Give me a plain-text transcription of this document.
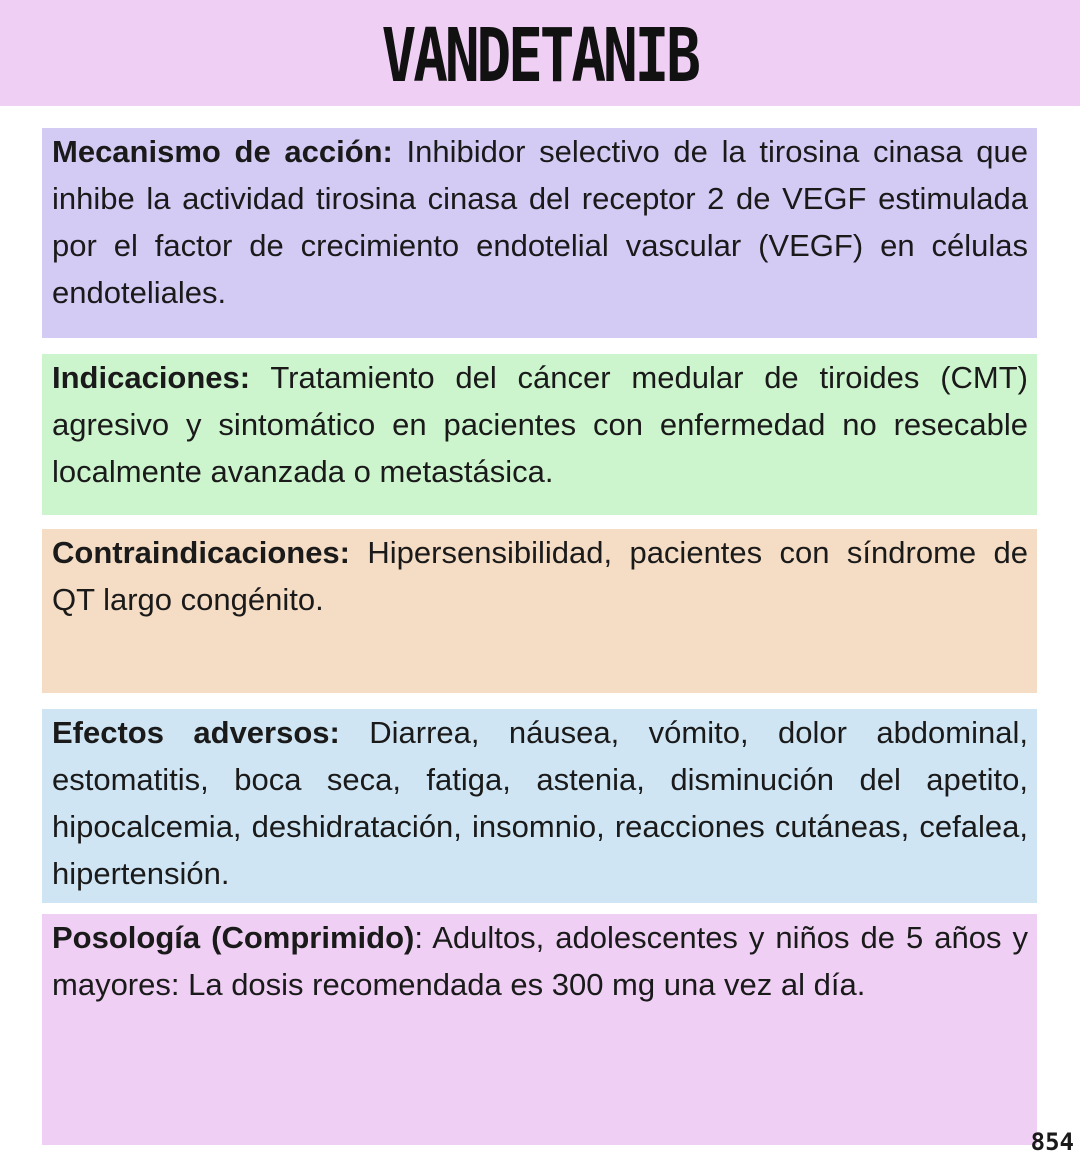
VANDETANIB
Mecanismo de acción: Inhibidor selectivo de la tirosina cinasa que inhibe la actividad tirosina cinasa del receptor 2 de VEGF estimulada por el factor de crecimiento endotelial vascular (VEGF) en células endoteliales.
Indicaciones: Tratamiento del cáncer medular de tiroides (CMT) agresivo y sintomático en pacientes con enfermedad no resecable localmente avanzada o metastásica.
Contraindicaciones: Hipersensibilidad, pacientes con síndrome de QT largo congénito.
Efectos adversos: Diarrea, náusea, vómito, dolor abdominal, estomatitis, boca seca, fatiga, astenia, disminución del apetito, hipocalcemia, deshidratación, insomnio, reacciones cutáneas, cefalea, hipertensión.
Posología (Comprimido): Adultos, adolescentes y niños de 5 años y mayores: La dosis recomendada es 300 mg una vez al día.
854
